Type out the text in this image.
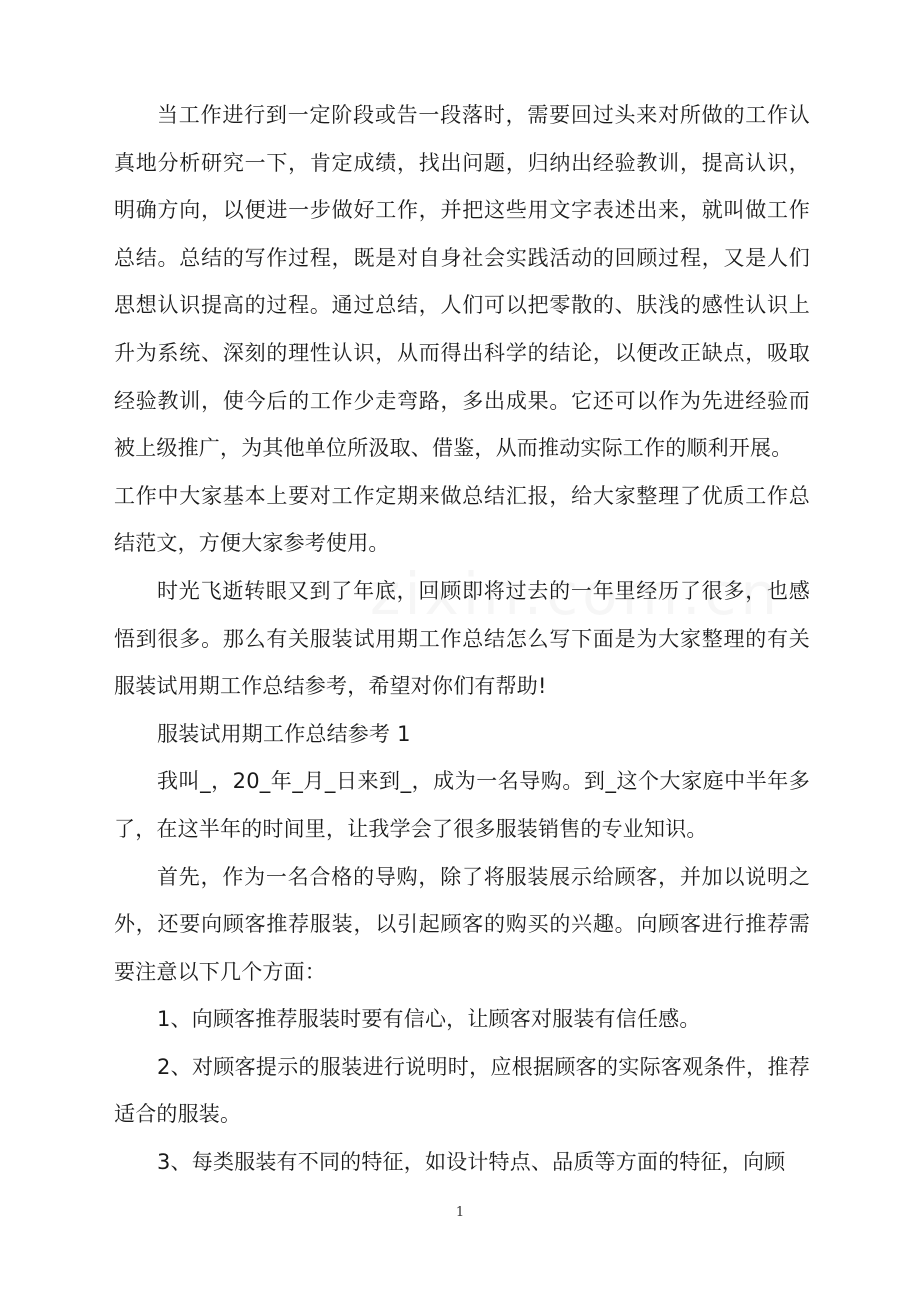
当工作进行到一定阶段或告一段落时，需要回过头来对所做的工作认真地分析研究一下，肯定成绩，找出问题，归纳出经验教训，提高认识，明确方向，以便进一步做好工作，并把这些用文字表述出来，就叫做工作总结。总结的写作过程，既是对自身社会实践活动的回顾过程，又是人们思想认识提高的过程。通过总结，人们可以把零散的、肤浅的感性认识上升为系统、深刻的理性认识，从而得出科学的结论，以便改正缺点，吸取经验教训，使今后的工作少走弯路，多出成果。它还可以作为先进经验而被上级推广，为其他单位所汲取、借鉴，从而推动实际工作的顺利开展。

工作中大家基本上要对工作定期来做总结汇报，给大家整理了优质工作总结范文，方便大家参考使用。

时光飞逝转眼又到了年底，回顾即将过去的一年里经历了很多，也感悟到很多。那么有关服装试用期工作总结怎么写下面是为大家整理的有关服装试用期工作总结参考，希望对你们有帮助!

服装试用期工作总结参考 1

我叫_，20_年_月_日来到_，成为一名导购。到_这个大家庭中半年多了，在这半年的时间里，让我学会了很多服装销售的专业知识。

首先，作为一名合格的导购，除了将服装展示给顾客，并加以说明之外，还要向顾客推荐服装，以引起顾客的购买的兴趣。向顾客进行推荐需要注意以下几个方面：

1、向顾客推荐服装时要有信心，让顾客对服装有信任感。

2、对顾客提示的服装进行说明时，应根据顾客的实际客观条件，推荐适合的服装。

3、每类服装有不同的特征，如设计特点、品质等方面的特征，向顾

1
